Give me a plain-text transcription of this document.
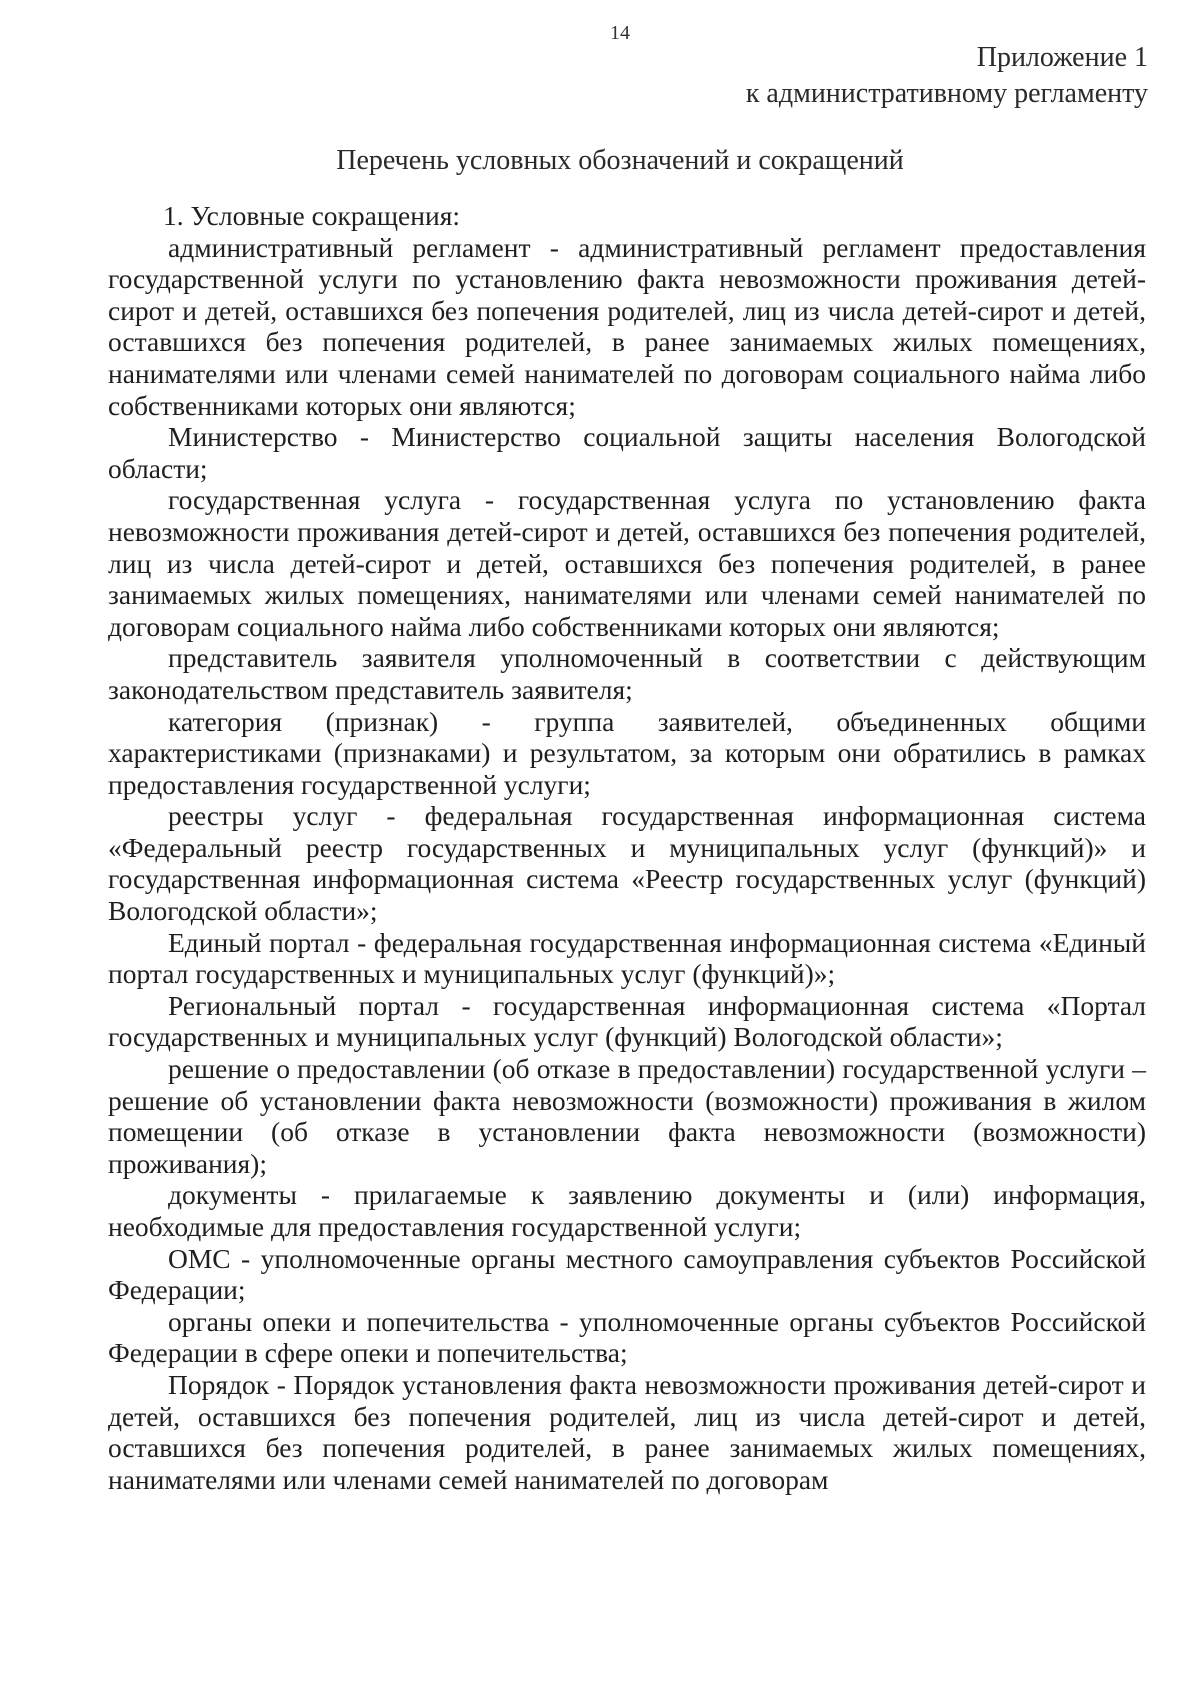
14
Приложение 1
к административному регламенту
Перечень условных обозначений и сокращений

1. Условные сокращения:

административный регламент - административный регламент предоставления государственной услуги по установлению факта невозможности проживания детей-сирот и детей, оставшихся без попечения родителей, лиц из числа детей-сирот и детей, оставшихся без попечения родителей, в ранее занимаемых жилых помещениях, нанимателями или членами семей нанимателей по договорам социального найма либо собственниками которых они являются;

Министерство - Министерство социальной защиты населения Вологодской области;

государственная услуга - государственная услуга по установлению факта невозможности проживания детей-сирот и детей, оставшихся без попечения родителей, лиц из числа детей-сирот и детей, оставшихся без попечения родителей, в ранее занимаемых жилых помещениях, нанимателями или членами семей нанимателей по договорам социального найма либо собственниками которых они являются;

представитель заявителя уполномоченный в соответствии с действующим законодательством представитель заявителя;

категория (признак) - группа заявителей, объединенных общими характеристиками (признаками) и результатом, за которым они обратились в рамках предоставления государственной услуги;

реестры услуг - федеральная государственная информационная система «Федеральный реестр государственных и муниципальных услуг (функций)» и государственная информационная система «Реестр государственных услуг (функций) Вологодской области»;

Единый портал - федеральная государственная информационная система «Единый портал государственных и муниципальных услуг (функций)»;

Региональный портал - государственная информационная система «Портал государственных и муниципальных услуг (функций) Вологодской области»;

решение о предоставлении (об отказе в предоставлении) государственной услуги – решение об установлении факта невозможности (возможности) проживания в жилом помещении (об отказе в установлении факта невозможности (возможности) проживания);

документы - прилагаемые к заявлению документы и (или) информация, необходимые для предоставления государственной услуги;

ОМС - уполномоченные органы местного самоуправления субъектов Российской Федерации;

органы опеки и попечительства - уполномоченные органы субъектов Российской Федерации в сфере опеки и попечительства;

Порядок - Порядок установления факта невозможности проживания детей-сирот и детей, оставшихся без попечения родителей, лиц из числа детей-сирот и детей, оставшихся без попечения родителей, в ранее занимаемых жилых помещениях, нанимателями или членами семей нанимателей по договорам
